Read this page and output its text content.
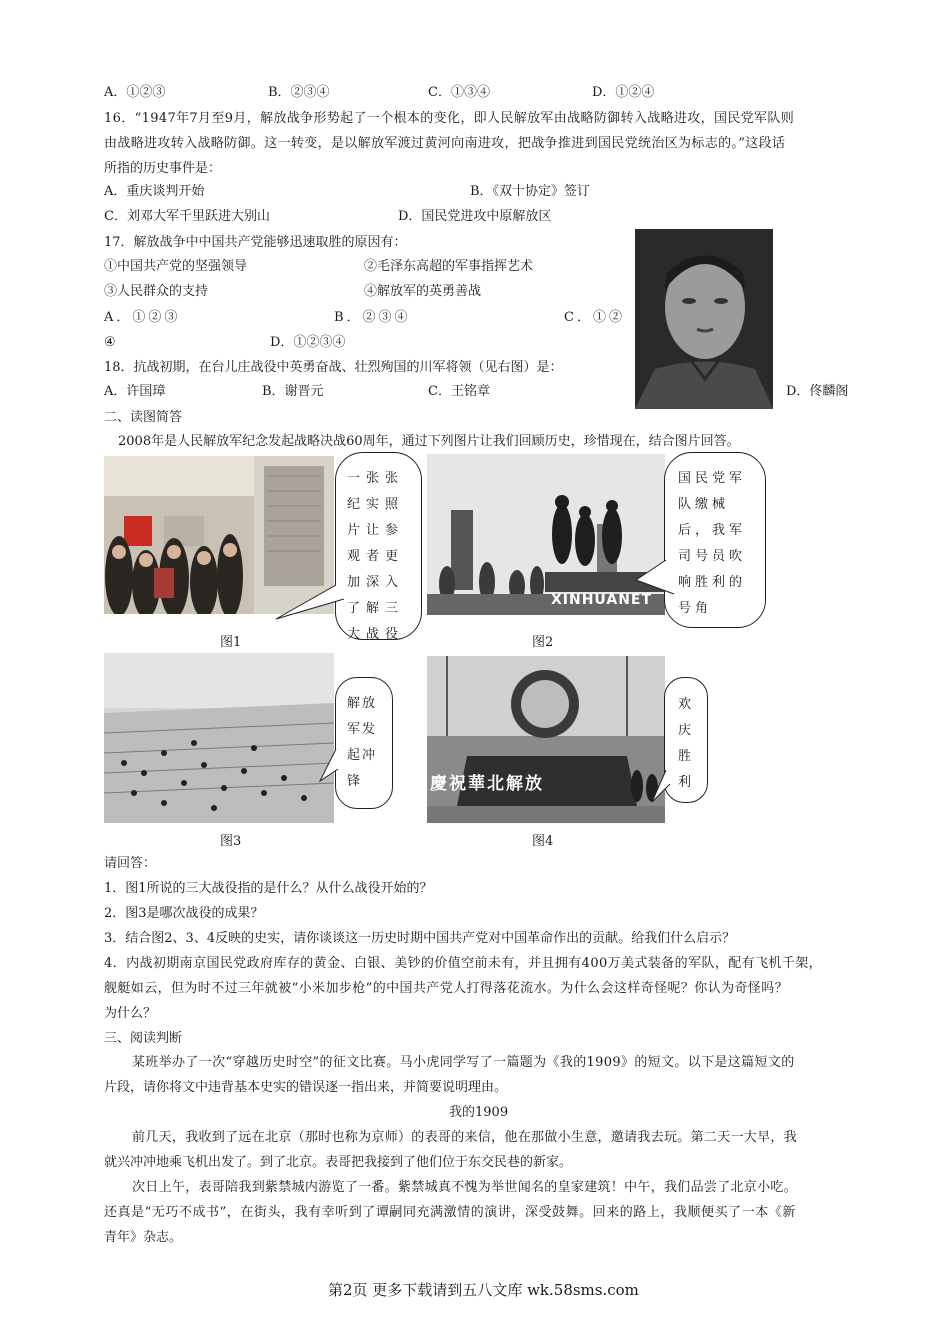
A．①②③	B．②③④	C．①③④	D．①②④
16．“1947年7月至9月，解放战争形势起了一个根本的变化，即人民解放军由战略防御转入战略进攻，国民党军队则
由战略进攻转入战略防御。这一转变，是以解放军渡过黄河向南进攻，把战争推进到国民党统治区为标志的。”这段话
所指的历史事件是：
A．重庆谈判开始	B．《双十协定》签订
C．刘邓大军千里跃进大别山	D．国民党进攻中原解放区
17．解放战争中中国共产党能够迅速取胜的原因有：
①中国共产党的坚强领导	②毛泽东高超的军事指挥艺术
③人民群众的支持	④解放军的英勇善战
A．①②③	B．②③④	C．①②
④	D．①②③④
18．抗战初期，在台儿庄战役中英勇奋战、壮烈殉国的川军将领（见右图）是：
A．许国璋	B．谢晋元	C．王铭章	D．佟麟阁
二、读图简答
2008年是人民解放军纪念发起战略决战60周年，通过下列图片让我们回顾历史，珍惜现在，结合图片回答。
一张张
纪实照
片让参
观者更
加深入
了解三
大战役
图1
XINHUANET
国民党军
队缴械
后，我军
司号员吹
响胜利的
号角
图2
解放
军发
起冲
锋
图3
慶祝華北解放
欢
庆
胜
利
图4
请回答：
1．图1所说的三大战役指的是什么？从什么战役开始的？
2．图3是哪次战役的成果？
3．结合图2、3、4反映的史实，请你谈谈这一历史时期中国共产党对中国革命作出的贡献。给我们什么启示？
4．内战初期南京国民党政府库存的黄金、白银、美钞的价值空前未有，并且拥有400万美式装备的军队，配有飞机千架，
舰艇如云，但为时不过三年就被“小米加步枪”的中国共产党人打得落花流水。为什么会这样奇怪呢？你认为奇怪吗？
为什么？
三、阅读判断
某班举办了一次“穿越历史时空”的征文比赛。马小虎同学写了一篇题为《我的1909》的短文。以下是这篇短文的
片段，请你将文中违背基本史实的错误逐一指出来，并简要说明理由。
我的1909
前几天，我收到了远在北京（那时也称为京师）的表哥的来信，他在那做小生意，邀请我去玩。第二天一大早，我
就兴冲冲地乘飞机出发了。到了北京。表哥把我接到了他们位于东交民巷的新家。
次日上午，表哥陪我到紫禁城内游览了一番。紫禁城真不愧为举世闻名的皇家建筑！中午，我们品尝了北京小吃。
还真是“无巧不成书”，在街头，我有幸听到了谭嗣同充满激情的演讲，深受鼓舞。回来的路上，我顺便买了一本《新
青年》杂志。
第2页 更多下载请到五八文库 wk.58sms.com
